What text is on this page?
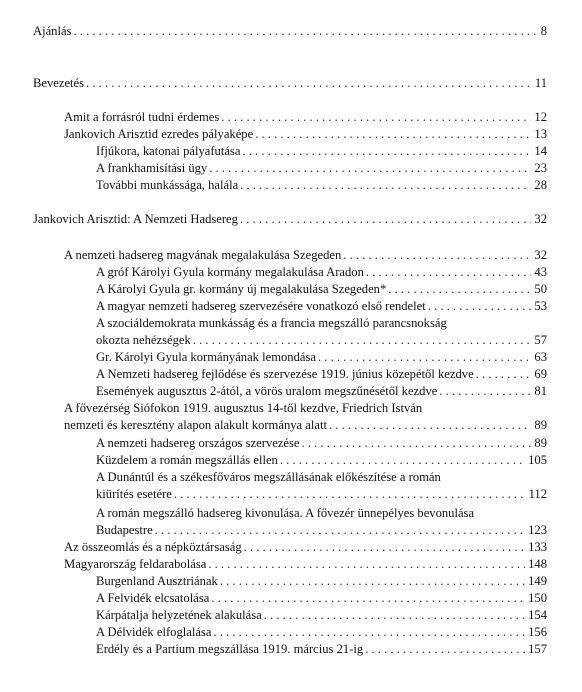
Ajánlás . . .	8
Bevezetés . . .	11
Amit a forrásról tudni érdemes . . .	12
Jankovich Arisztid ezredes pályaképe . . .	13
Ifjúkora, katonai pályafutása . . .	14
A frankhamisítási ügy . . .	23
További munkássága, halála . . .	28
Jankovich Arisztid: A Nemzeti Hadsereg . . .	32
A nemzeti hadsereg magvának megalakulása Szegeden . . .	32
A gróf Károlyi Gyula kormány megalakulása Aradon . . .	43
A Károlyi Gyula gr. kormány új megalakulása Szegeden* . . .	50
A magyar nemzeti hadsereg szervezésére vonatkozó első rendelet . . .	53
A szociáldemokrata munkásság és a francia megszálló parancsnokság
okozta nehézségek . . .	57
Gr. Károlyi Gyula kormányának lemondása . . .	63
A Nemzeti hadsereg fejlődése és szervezése 1919. június közepétől kezdve . . .	69
Események augusztus 2-ától, a vörös uralom megszűnésétől kezdve . . .	81
A fővezérség Siófokon 1919. augusztus 14-től kezdve, Friedrich István
nemzeti és keresztény alapon alakult kormánya alatt . . .	89
A nemzeti hadsereg országos szervezése . . .	89
Küzdelem a román megszállás ellen . . .	105
A Dunántúl és a székesfőváros megszállásának előkészítése a román
kiürítés esetére . . .	112
A román megszálló hadsereg kivonulása. A fővezér ünnepélyes bevonulása
Budapestre . . .	123
Az összeomlás és a népköztársaság . . .	133
Magyarország feldarabolása . . .	148
Burgenland Ausztriának . . .	149
A Felvidék elcsatolása . . .	150
Kárpátalja helyzetének alakulása . . .	154
A Délvidék elfoglalása . . .	156
Erdély és a Partium megszállása 1919. március 21-ig . . .	157
